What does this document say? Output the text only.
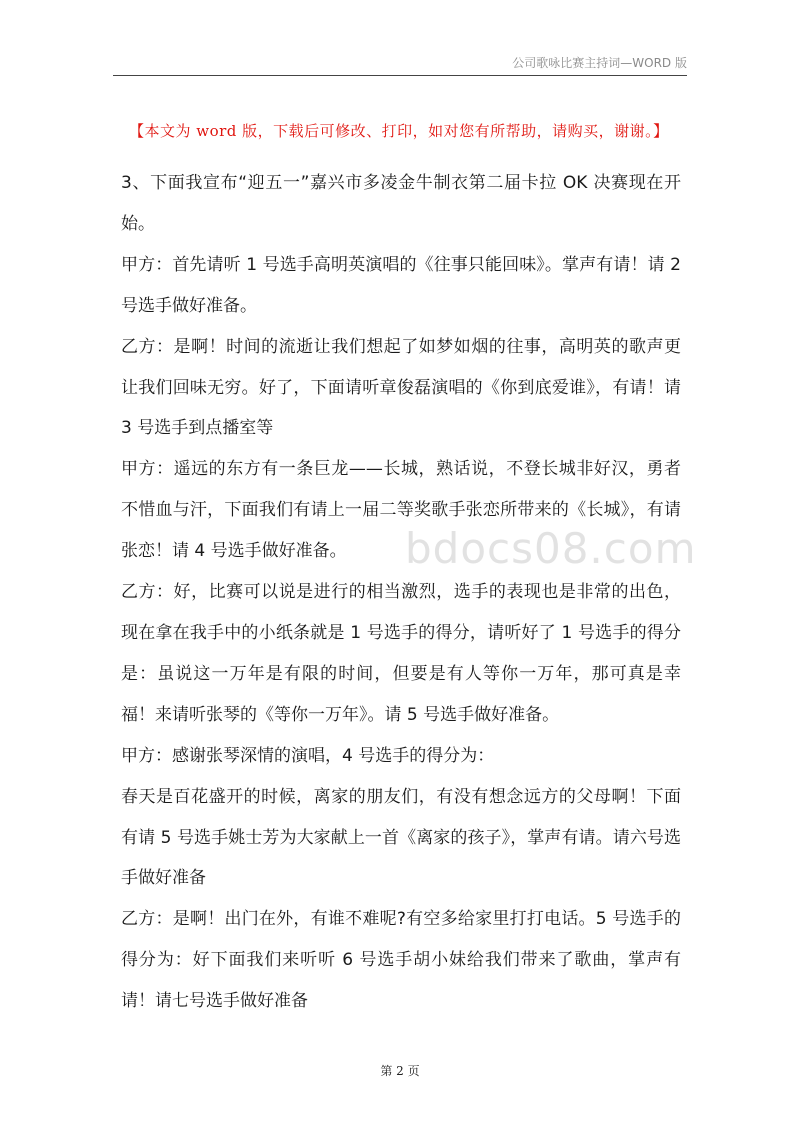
公司歌咏比赛主持词—WORD 版
【本文为 word 版，下载后可修改、打印，如对您有所帮助，请购买，谢谢。】
bdocs08.com

3、下面我宣布“迎五一”嘉兴市多凌金牛制衣第二届卡拉 OK 决赛现在开始。

甲方：首先请听 1 号选手高明英演唱的《往事只能回味》。掌声有请！请 2 号选手做好准备。

乙方：是啊！时间的流逝让我们想起了如梦如烟的往事，高明英的歌声更让我们回味无穷。好了，下面请听章俊磊演唱的《你到底爱谁》，有请！请 3 号选手到点播室等

甲方：遥远的东方有一条巨龙——长城，熟话说，不登长城非好汉，勇者不惜血与汗，下面我们有请上一届二等奖歌手张恋所带来的《长城》，有请张恋！请 4 号选手做好准备。

乙方：好，比赛可以说是进行的相当激烈，选手的表现也是非常的出色，现在拿在我手中的小纸条就是 1 号选手的得分，请听好了 1 号选手的得分是：虽说这一万年是有限的时间，但要是有人等你一万年，那可真是幸福！来请听张琴的《等你一万年》。请 5 号选手做好准备。

甲方：感谢张琴深情的演唱，4 号选手的得分为：

春天是百花盛开的时候，离家的朋友们，有没有想念远方的父母啊！下面有请 5 号选手姚士芳为大家献上一首《离家的孩子》，掌声有请。请六号选手做好准备

乙方：是啊！出门在外，有谁不难呢?有空多给家里打打电话。5 号选手的得分为：好下面我们来听听 6 号选手胡小妹给我们带来了歌曲，掌声有请！请七号选手做好准备

第 2 页
